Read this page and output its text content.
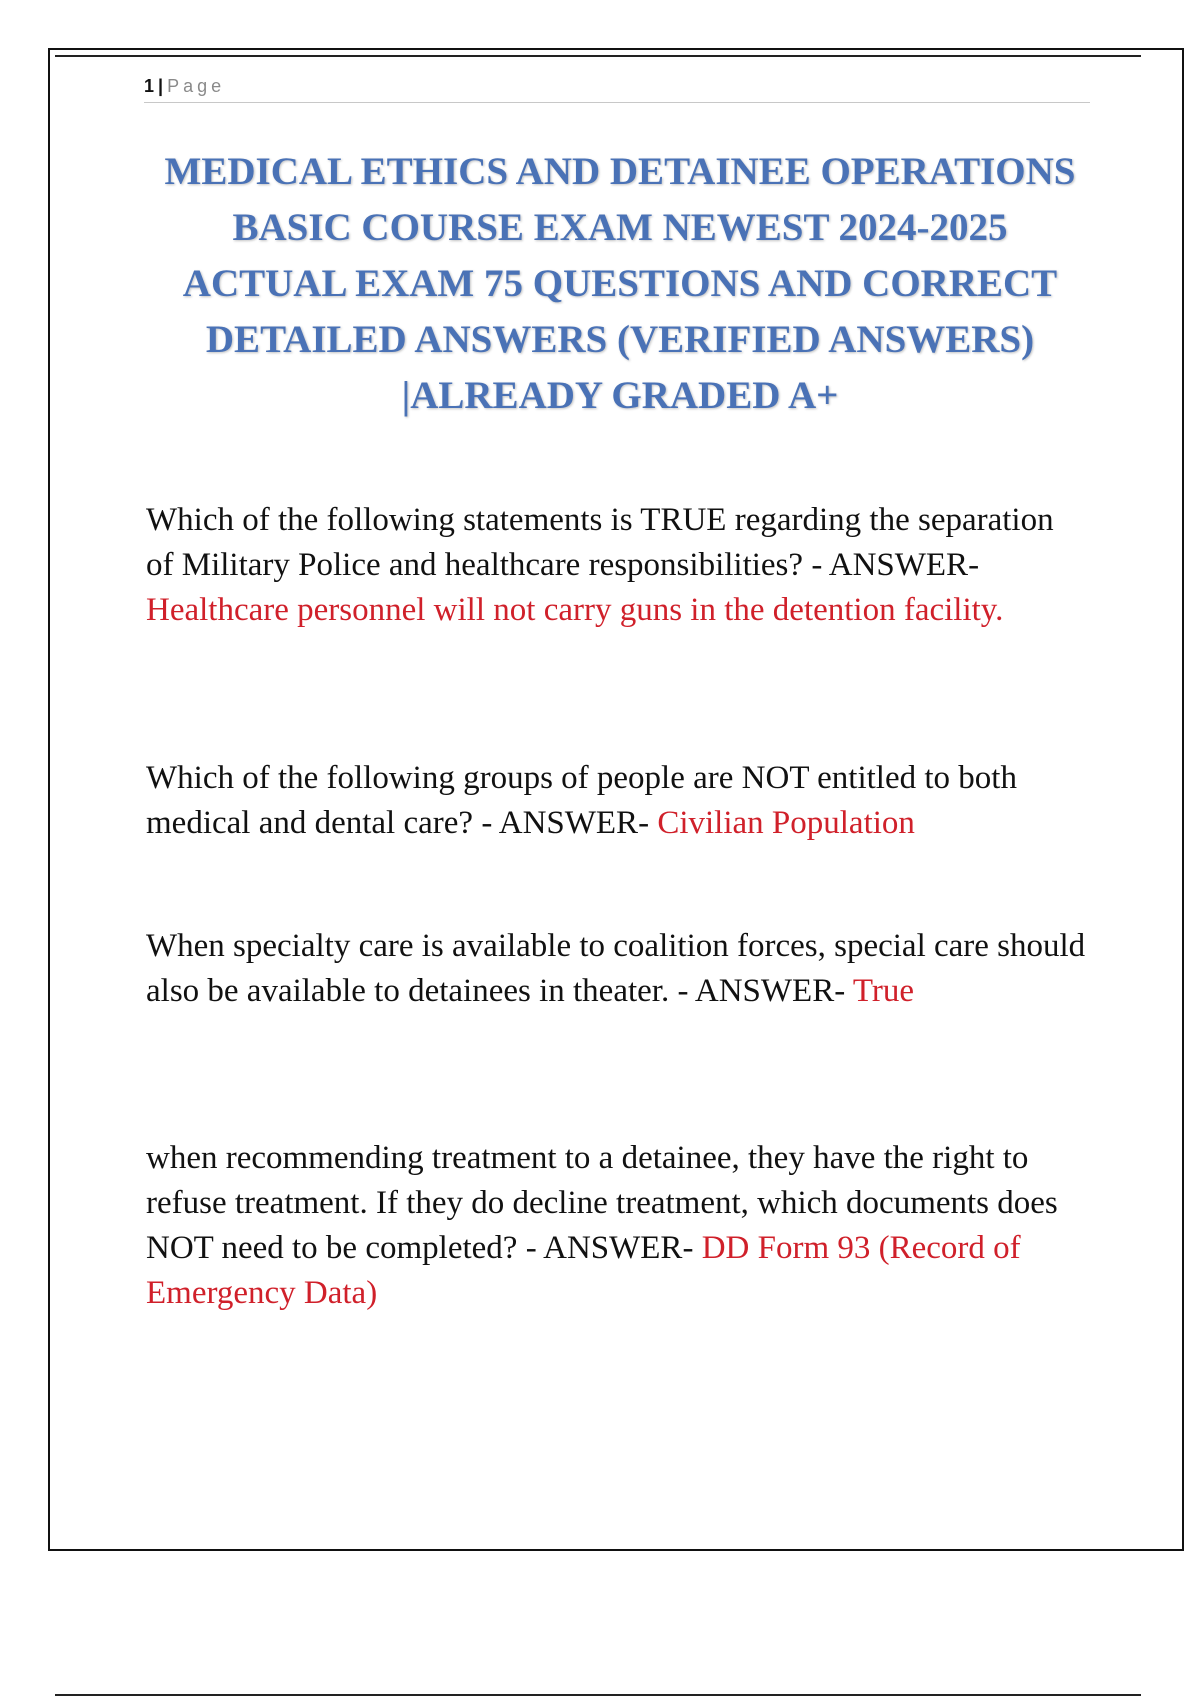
1 | Page
MEDICAL ETHICS AND DETAINEE OPERATIONS BASIC COURSE EXAM NEWEST 2024-2025 ACTUAL EXAM 75 QUESTIONS AND CORRECT DETAILED ANSWERS (VERIFIED ANSWERS) |ALREADY GRADED A+

Which of the following statements is TRUE regarding the separation of Military Police and healthcare responsibilities? - ANSWER- Healthcare personnel will not carry guns in the detention facility.

Which of the following groups of people are NOT entitled to both medical and dental care? - ANSWER- Civilian Population

When specialty care is available to coalition forces, special care should also be available to detainees in theater. - ANSWER- True

when recommending treatment to a detainee, they have the right to refuse treatment. If they do decline treatment, which documents does NOT need to be completed? - ANSWER- DD Form 93 (Record of Emergency Data)
